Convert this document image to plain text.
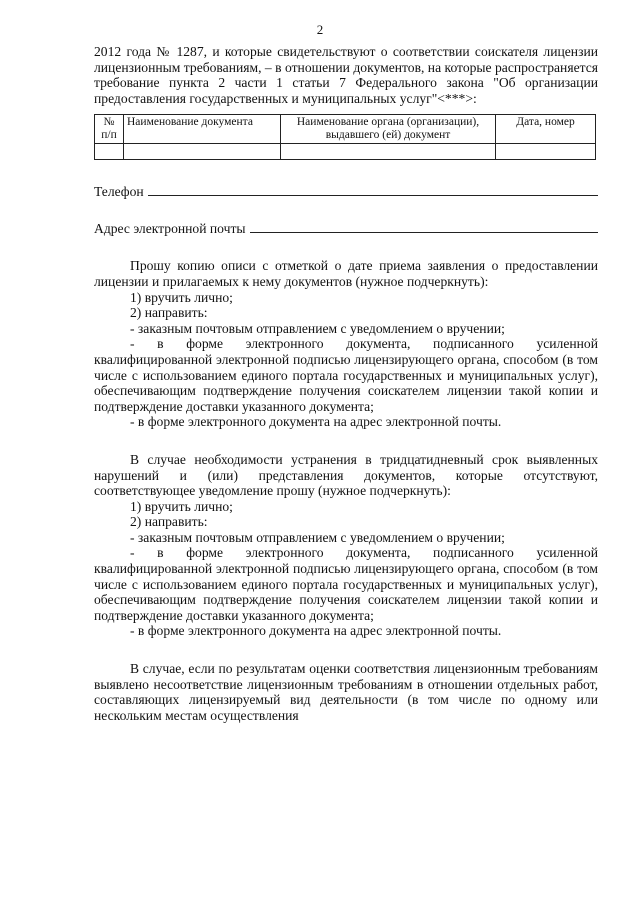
2

2012 года № 1287, и которые свидетельствуют о соответствии соискателя лицензии лицензионным требованиям, – в отношении документов, на которые распространяется требование пункта 2 части 1 статьи 7 Федерального закона "Об организации предоставления государственных и муниципальных услуг"<***>:

№ п/п	Наименование документа	Наименование органа (организации), выдавшего (ей) документ	Дата, номер

Телефон
Адрес электронной почты

Прошу копию описи с отметкой о дате приема заявления о предоставлении лицензии и прилагаемых к нему документов (нужное подчеркнуть):

1) вручить лично;

2) направить:

- заказным почтовым отправлением с уведомлением о вручении;

- в форме электронного документа, подписанного усиленной квалифицированной электронной подписью лицензирующего органа, способом (в том числе с использованием единого портала государственных и муниципальных услуг), обеспечивающим подтверждение получения соискателем лицензии такой копии и подтверждение доставки указанного документа;

- в форме электронного документа на адрес электронной почты.

В случае необходимости устранения в тридцатидневный срок выявленных нарушений и (или) представления документов, которые отсутствуют, соответствующее уведомление прошу (нужное подчеркнуть):

1) вручить лично;

2) направить:

- заказным почтовым отправлением с уведомлением о вручении;

- в форме электронного документа, подписанного усиленной квалифицированной электронной подписью лицензирующего органа, способом (в том числе с использованием единого портала государственных и муниципальных услуг), обеспечивающим подтверждение получения соискателем лицензии такой копии и подтверждение доставки указанного документа;

- в форме электронного документа на адрес электронной почты.

В случае, если по результатам оценки соответствия лицензионным требованиям выявлено несоответствие лицензионным требованиям в отношении отдельных работ, составляющих лицензируемый вид деятельности (в том числе по одному или нескольким местам осуществления
